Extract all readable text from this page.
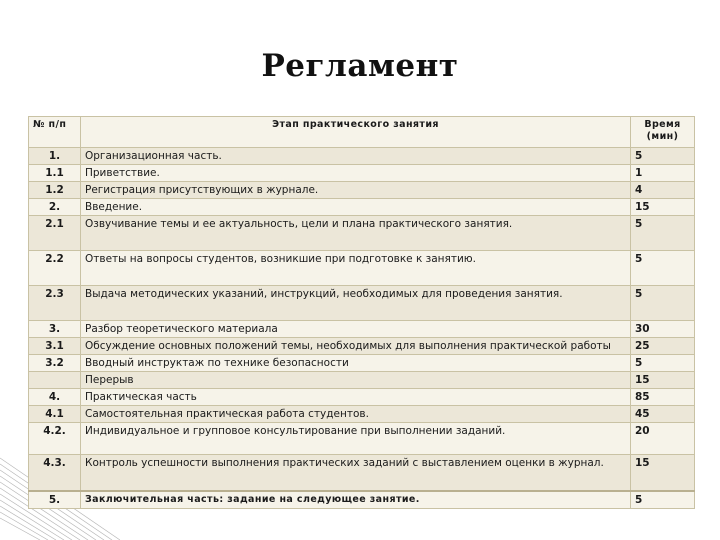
Регламент
№ п/п	Этап практического занятия	Время (мин)
1.	Организационная часть.	5
1.1	Приветствие.	1
1.2	Регистрация присутствующих в журнале.	4
2.	Введение.	15
2.1	Озвучивание темы и ее актуальность, цели и плана практического занятия.	5
2.2	Ответы на вопросы студентов, возникшие при подготовке к занятию.	5
2.3	Выдача методических указаний, инструкций, необходимых для проведения занятия.	5
3.	Разбор теоретического материала	30
3.1	Обсуждение основных положений темы, необходимых для выполнения практической работы	25
3.2	Вводный инструктаж по технике безопасности	5
	Перерыв	15
4.	Практическая часть	85
4.1	Самостоятельная практическая работа студентов.	45
4.2.	Индивидуальное и групповое консультирование при выполнении заданий.	20
4.3.	Контроль успешности выполнения практических заданий с выставлением оценки в журнал.	15
5.	Заключительная часть: задание на следующее занятие.	5
